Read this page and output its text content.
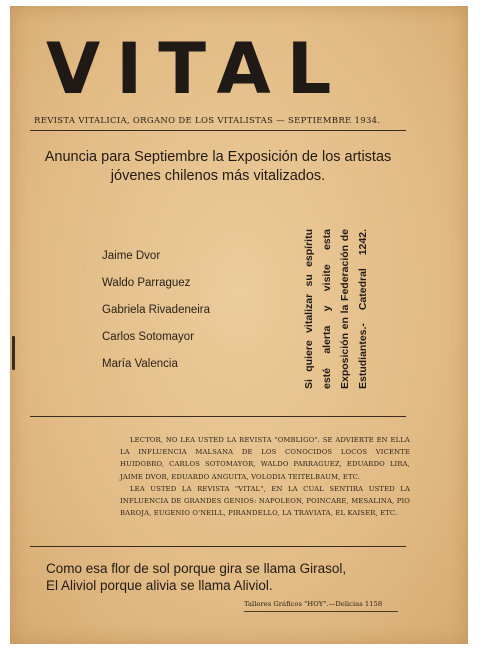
VITAL
REVISTA VITALICIA, ORGANO DE LOS VITALISTAS — SEPTIEMBRE 1934.
Anuncia para Septiembre la Exposición de los artistas
jóvenes chilenos más vitalizados.
Jaime Dvor
Waldo Parraguez
Gabriela Rivadeneira
Carlos Sotomayor
María Valencia	Si quiere vitalizar su espíritu esté alerta y visite esta Exposición en la Federación de Estudiantes.- Catedral 1242.

LECTOR, NO LEA USTED LA REVISTA "OMBLIGO". SE ADVIERTE EN ELLA LA INFLUENCIA MALSANA DE LOS CONOCIDOS LOCOS VICENTE HUIDOBRO, CARLOS SOTOMAYOR, WALDO PARRAGUEZ, EDUARDO LIRA, JAIME DVOR, EDUARDO ANGUITA, VOLODIA TEITELBAUM, ETC.

LEA USTED LA REVISTA "VITAL", EN LA CUAL SENTIRA USTED LA INFLUENCIA DE GRANDES GENIOS: NAPOLEON, POINCARE, MESALINA, PIO BAROJA, EUGENIO O'NEILL, PIRANDELLO, LA TRAVIATA, EL KAISER, ETC.

Como esa flor de sol porque gira se llama Girasol,
El Aliviol porque alivia se llama Aliviol.
Talleres Gráficos "HOY".—Delicias 1158
